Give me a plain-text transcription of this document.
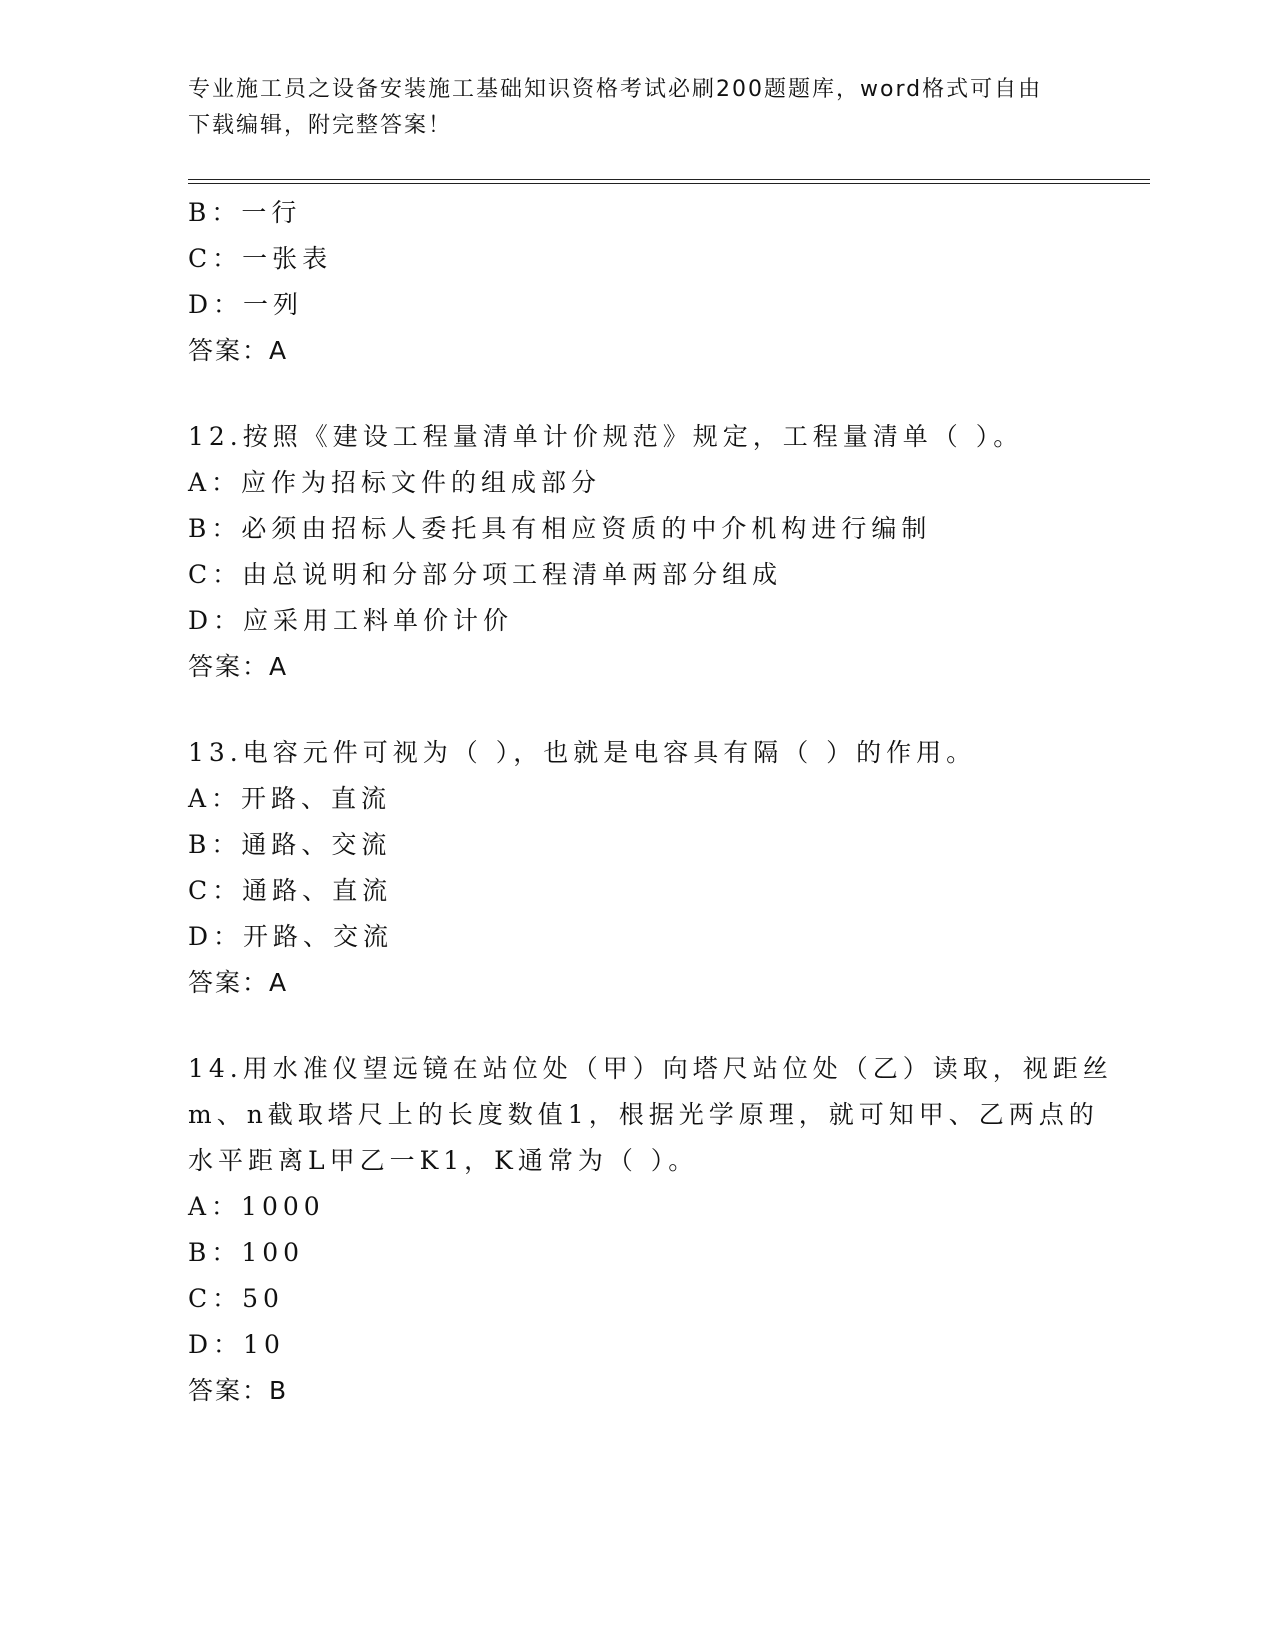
专业施工员之设备安装施工基础知识资格考试必刷200题题库，word格式可自由
下载编辑，附完整答案！
B：一行
C：一张表
D：一列
答案：A
12.按照《建设工程量清单计价规范》规定，工程量清单（ ）。
A：应作为招标文件的组成部分
B：必须由招标人委托具有相应资质的中介机构进行编制
C：由总说明和分部分项工程清单两部分组成
D：应采用工料单价计价
答案：A
13.电容元件可视为（ ），也就是电容具有隔（ ）的作用。
A：开路、直流
B：通路、交流
C：通路、直流
D：开路、交流
答案：A
14.用水准仪望远镜在站位处（甲）向塔尺站位处（乙）读取，视距丝
m、n截取塔尺上的长度数值1，根据光学原理，就可知甲、乙两点的
水平距离L甲乙一K1，K通常为（ ）。
A：1000
B：100
C：50
D：10
答案：B
